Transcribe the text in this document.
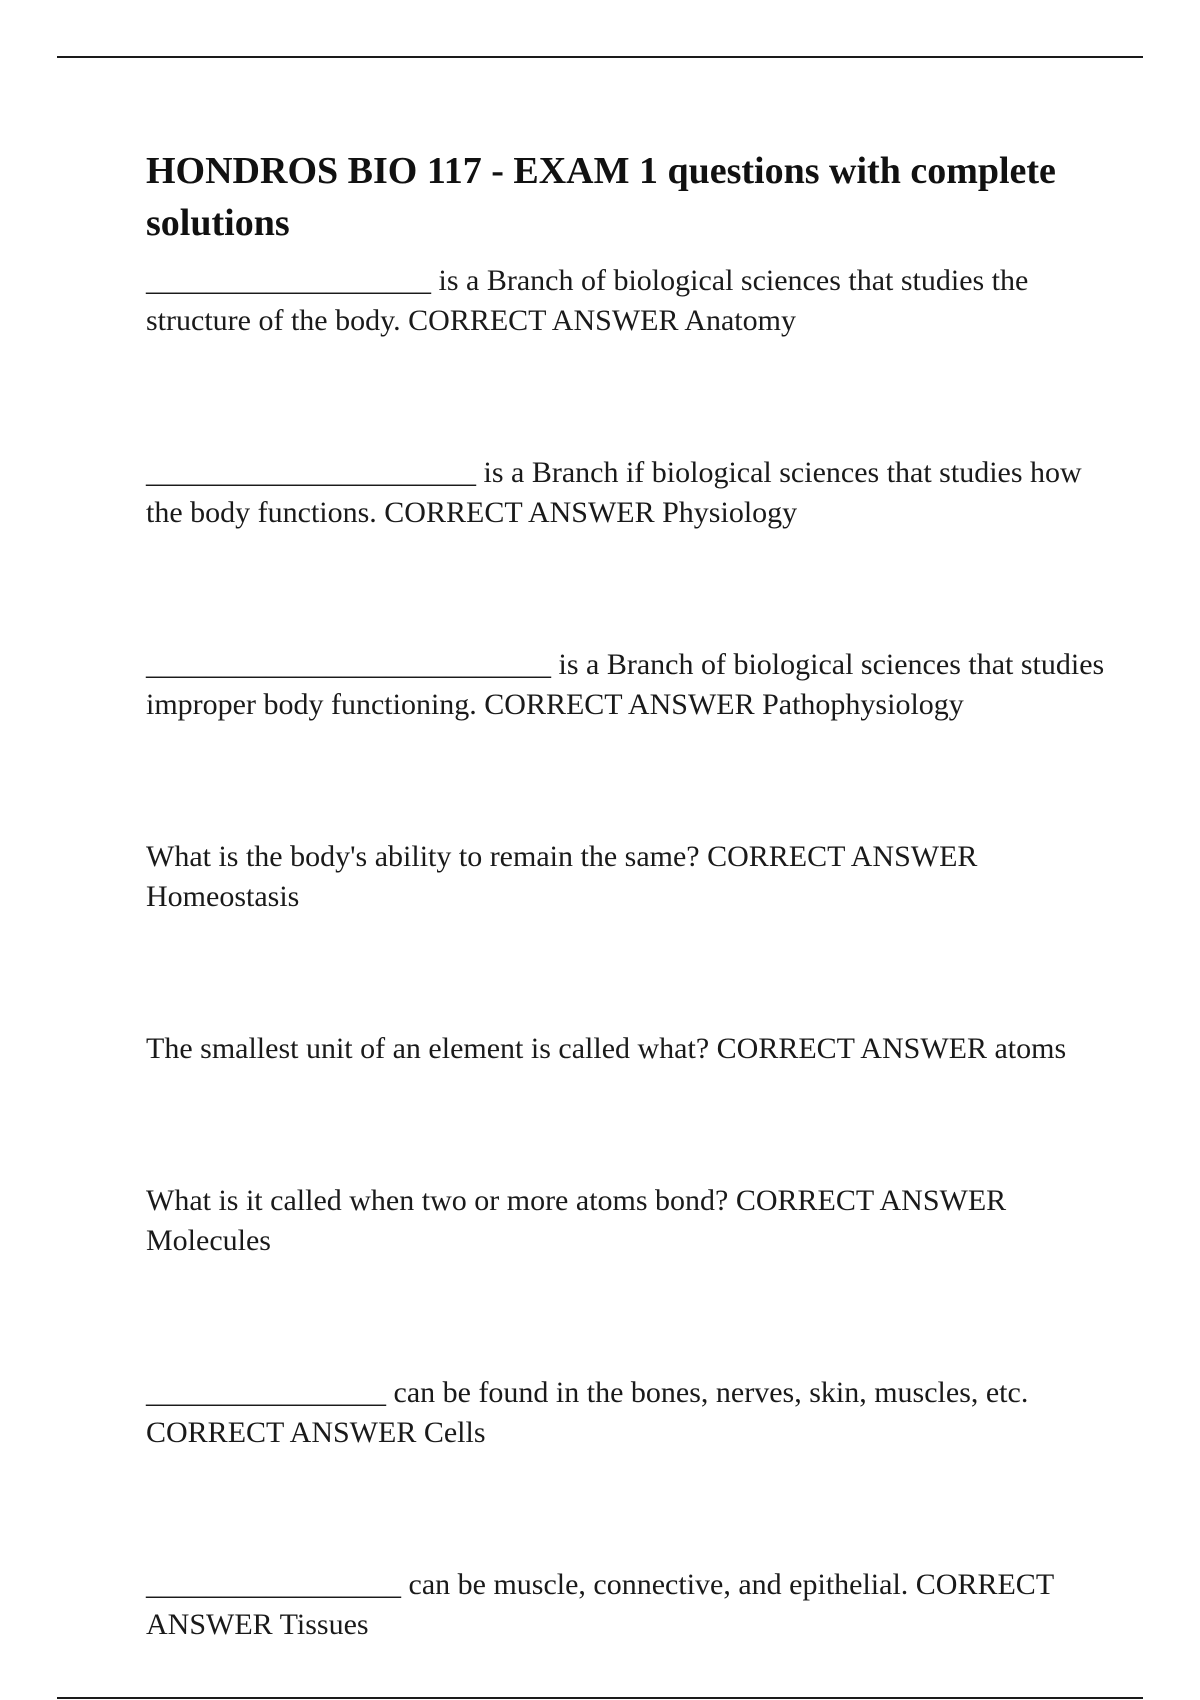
HONDROS BIO 117 - EXAM 1 questions with complete solutions
___________________ is a Branch of biological sciences that studies the structure of the body. CORRECT ANSWER Anatomy
______________________ is a Branch if biological sciences that studies how the body functions. CORRECT ANSWER Physiology
___________________________ is a Branch of biological sciences that studies improper body functioning. CORRECT ANSWER Pathophysiology
What is the body's ability to remain the same? CORRECT ANSWER Homeostasis
The smallest unit of an element is called what? CORRECT ANSWER atoms
What is it called when two or more atoms bond? CORRECT ANSWER Molecules
________________ can be found in the bones, nerves, skin, muscles, etc. CORRECT ANSWER Cells
_________________ can be muscle, connective, and epithelial. CORRECT ANSWER Tissues
